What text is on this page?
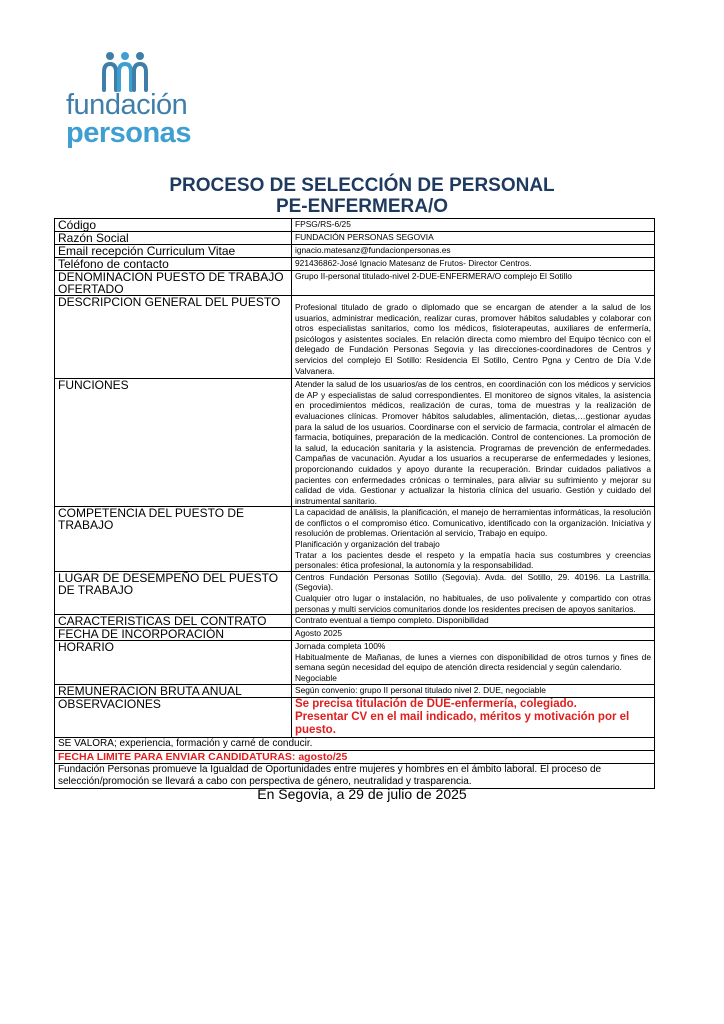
fundación
personas
PROCESO DE SELECCIÓN DE PERSONAL
PE-ENFERMERA/O
Código	FPSG/RS-6/25
Razón Social	FUNDACIÓN PERSONAS SEGOVIA
Email recepción Curriculum Vitae	ignacio.matesanz@fundacionpersonas.es
Teléfono de contacto	921436862-José Ignacio Matesanz de Frutos- Director Centros.
DENOMINACION PUESTO DE TRABAJO OFERTADO	Grupo II-personal titulado-nivel 2-DUE-ENFERMERA/O complejo El Sotillo
DESCRIPCION GENERAL DEL PUESTO	Profesional titulado de grado o diplomado que se encargan de atender a la salud de los usuarios, administrar medicación, realizar curas, promover hábitos saludables y colaborar con otros especialistas sanitarios, como los médicos, fisioterapeutas, auxiliares de enfermería, psicólogos y asistentes sociales. En relación directa como miembro del Equipo técnico con el delegado de Fundación Personas Segovia y las direcciones-coordinadores de Centros y servicios del complejo El Sotillo: Residencia El Sotillo, Centro Pgna y Centro de Día V.de Valvanera.
FUNCIONES	Atender la salud de los usuarios/as de los centros, en coordinación con los médicos y servicios de AP y especialistas de salud correspondientes. El monitoreo de signos vitales, la asistencia en procedimientos médicos, realización de curas, toma de muestras y la realización de evaluaciones clínicas. Promover hábitos saludables, alimentación, dietas,…gestionar ayudas para la salud de los usuarios. Coordinarse con el servicio de farmacia, controlar el almacén de farmacia, botiquines, preparación de la medicación. Control de contenciones. La promoción de la salud, la educación sanitaria y la asistencia. Programas de prevención de enfermedades. Campañas de vacunación. Ayudar a los usuarios a recuperarse de enfermedades y lesiones, proporcionando cuidados y apoyo durante la recuperación. Brindar cuidados paliativos a pacientes con enfermedades crónicas o terminales, para aliviar su sufrimiento y mejorar su calidad de vida. Gestionar y actualizar la historia clínica del usuario. Gestión y cuidado del instrumental sanitario.
COMPETENCIA DEL PUESTO DE TRABAJO	La capacidad de análisis, la planificación, el manejo de herramientas informáticas, la resolución de conflictos o el compromiso ético. Comunicativo, identificado con la organización. Iniciativa y resolución de problemas. Orientación al servicio, Trabajo en equipo.
Planificación y organización del trabajo
Tratar a los pacientes desde el respeto y la empatía hacia sus costumbres y creencias personales: ética profesional, la autonomía y la responsabilidad.

LUGAR DE DESEMPEÑO DEL PUESTO DE TRABAJO	Centros Fundación Personas Sotillo (Segovia). Avda. del Sotillo, 29. 40196. La Lastrilla. (Segovia).
Cualquier otro lugar o instalación, no habituales, de uso polivalente y compartido con otras personas y multi servicios comunitarios donde los residentes precisen de apoyos sanitarios.

CARACTERISTICAS DEL CONTRATO	Contrato eventual a tiempo completo. Disponibilidad
FECHA DE INCORPORACIÓN	Agosto 2025
HORARIO	Jornada completa 100%
Habitualmente de Mañanas, de lunes a viernes con disponibilidad de otros turnos y fines de semana según necesidad del equipo de atención directa residencial y según calendario.
Negociable

REMUNERACION BRUTA ANUAL	Según convenio: grupo II personal titulado nivel 2. DUE, negociable
OBSERVACIONES	Se precisa titulación de DUE-enfermería, colegiado.
Presentar CV en el mail indicado, méritos y motivación por el puesto.

SE VALORA; experiencia, formación y carné de conducir.	
FECHA LIMITE PARA ENVIAR CANDIDATURAS: agosto/25	
Fundación Personas promueve la Igualdad de Oportunidades entre mujeres y hombres en el ámbito laboral. El proceso de selección/promoción se llevará a cabo con perspectiva de género, neutralidad y trasparencia.	
En Segovia, a 29 de julio de 2025
